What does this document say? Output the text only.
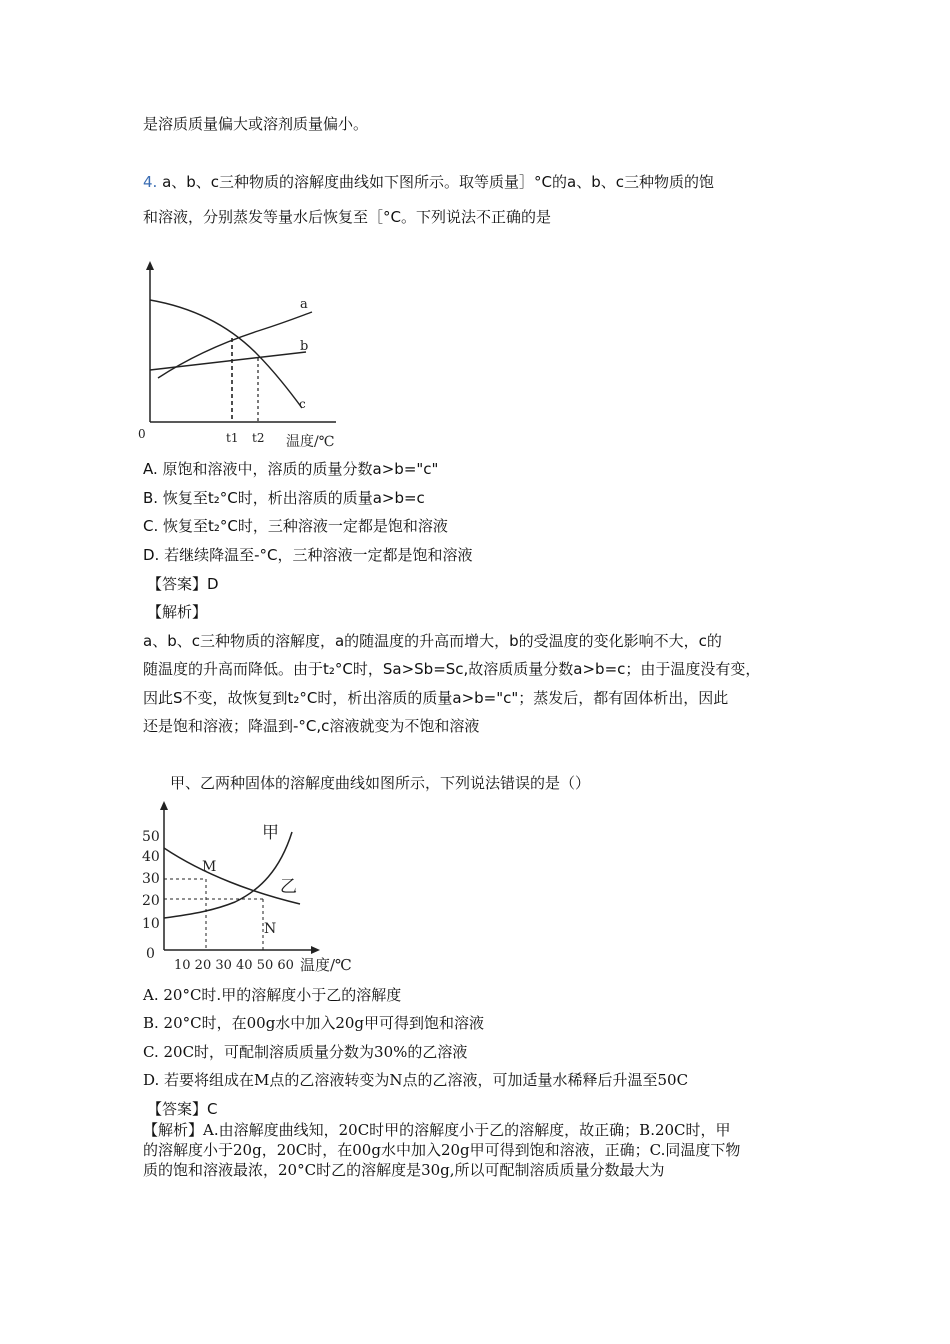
是溶质质量偏大或溶剂质量偏小。
4. a、b、c三种物质的溶解度曲线如下图所示。取等质量］°C的a、b、c三种物质的饱
和溶液，分别蒸发等量水后恢复至［°C。下列说法不正确的是
a
b
c
0	t1 t2 温度/℃
A. 原饱和溶液中，溶质的质量分数a>b="c"
B. 恢复至t₂°C时，析出溶质的质量a>b=c
C. 恢复至t₂°C时，三种溶液一定都是饱和溶液
D. 若继续降温至-°C，三种溶液一定都是饱和溶液
【答案】D
【解析】
a、b、c三种物质的溶解度，a的随温度的升高而增大，b的受温度的变化影响不大，c的
随温度的升高而降低。由于t₂°C时，Sa>Sb=Sc,故溶质质量分数a>b=c；由于温度没有变，
因此S不变，故恢复到t₂°C时，析出溶质的质量a>b="c"；蒸发后，都有固体析出，因此
还是饱和溶液；降温到-°C,c溶液就变为不饱和溶液
甲、乙两种固体的溶解度曲线如图所示，下列说法错误的是（）
50
40
30
20
10
0
甲
乙
M
N
10 20 30 40 50 60 温度/℃
A. 20°C时.甲的溶解度小于乙的溶解度
B. 20°C时，在00g水中加入20g甲可得到饱和溶液
C. 20C时，可配制溶质质量分数为30%的乙溶液
D. 若要将组成在M点的乙溶液转变为N点的乙溶液，可加适量水稀释后升温至50C
【答案】C
【解析】A.由溶解度曲线知，20C时甲的溶解度小于乙的溶解度，故正确；B.20C时，甲
的溶解度小于20g，20C时，在00g水中加入20g甲可得到饱和溶液，正确；C.同温度下物
质的饱和溶液最浓，20°C时乙的溶解度是30g,所以可配制溶质质量分数最大为
